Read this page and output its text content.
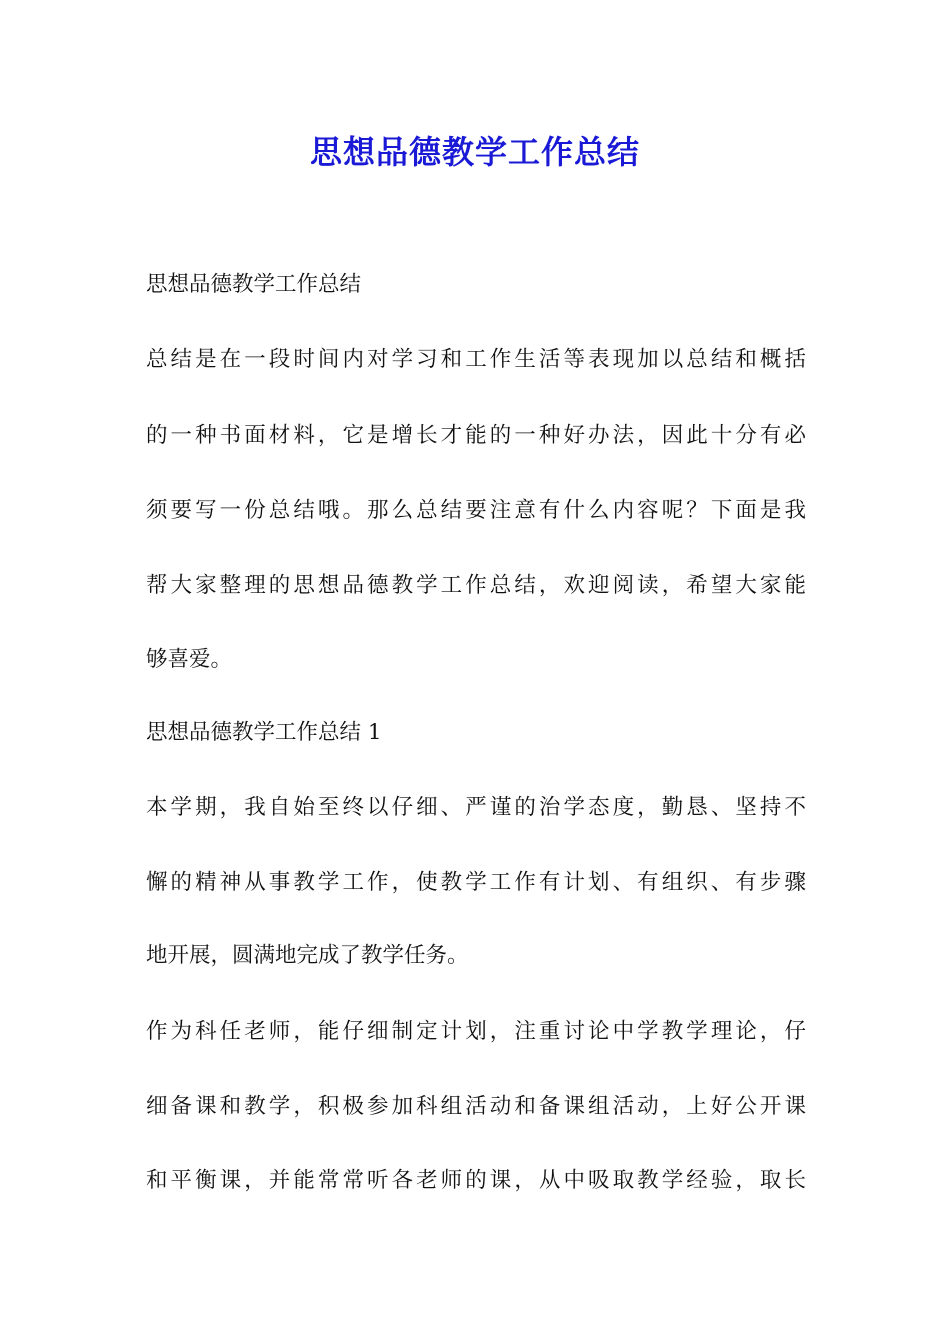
思想品德教学工作总结

思想品德教学工作总结

总结是在一段时间内对学习和工作生活等表现加以总结和概括

的一种书面材料，它是增长才能的一种好办法，因此十分有必

须要写一份总结哦。那么总结要注意有什么内容呢？下面是我

帮大家整理的思想品德教学工作总结，欢迎阅读，希望大家能

够喜爱。

思想品德教学工作总结 1

本学期，我自始至终以仔细、严谨的治学态度，勤恳、坚持不

懈的精神从事教学工作，使教学工作有计划、有组织、有步骤

地开展，圆满地完成了教学任务。

作为科任老师，能仔细制定计划，注重讨论中学教学理论，仔

细备课和教学，积极参加科组活动和备课组活动，上好公开课

和平衡课，并能常常听各老师的课，从中吸取教学经验，取长
